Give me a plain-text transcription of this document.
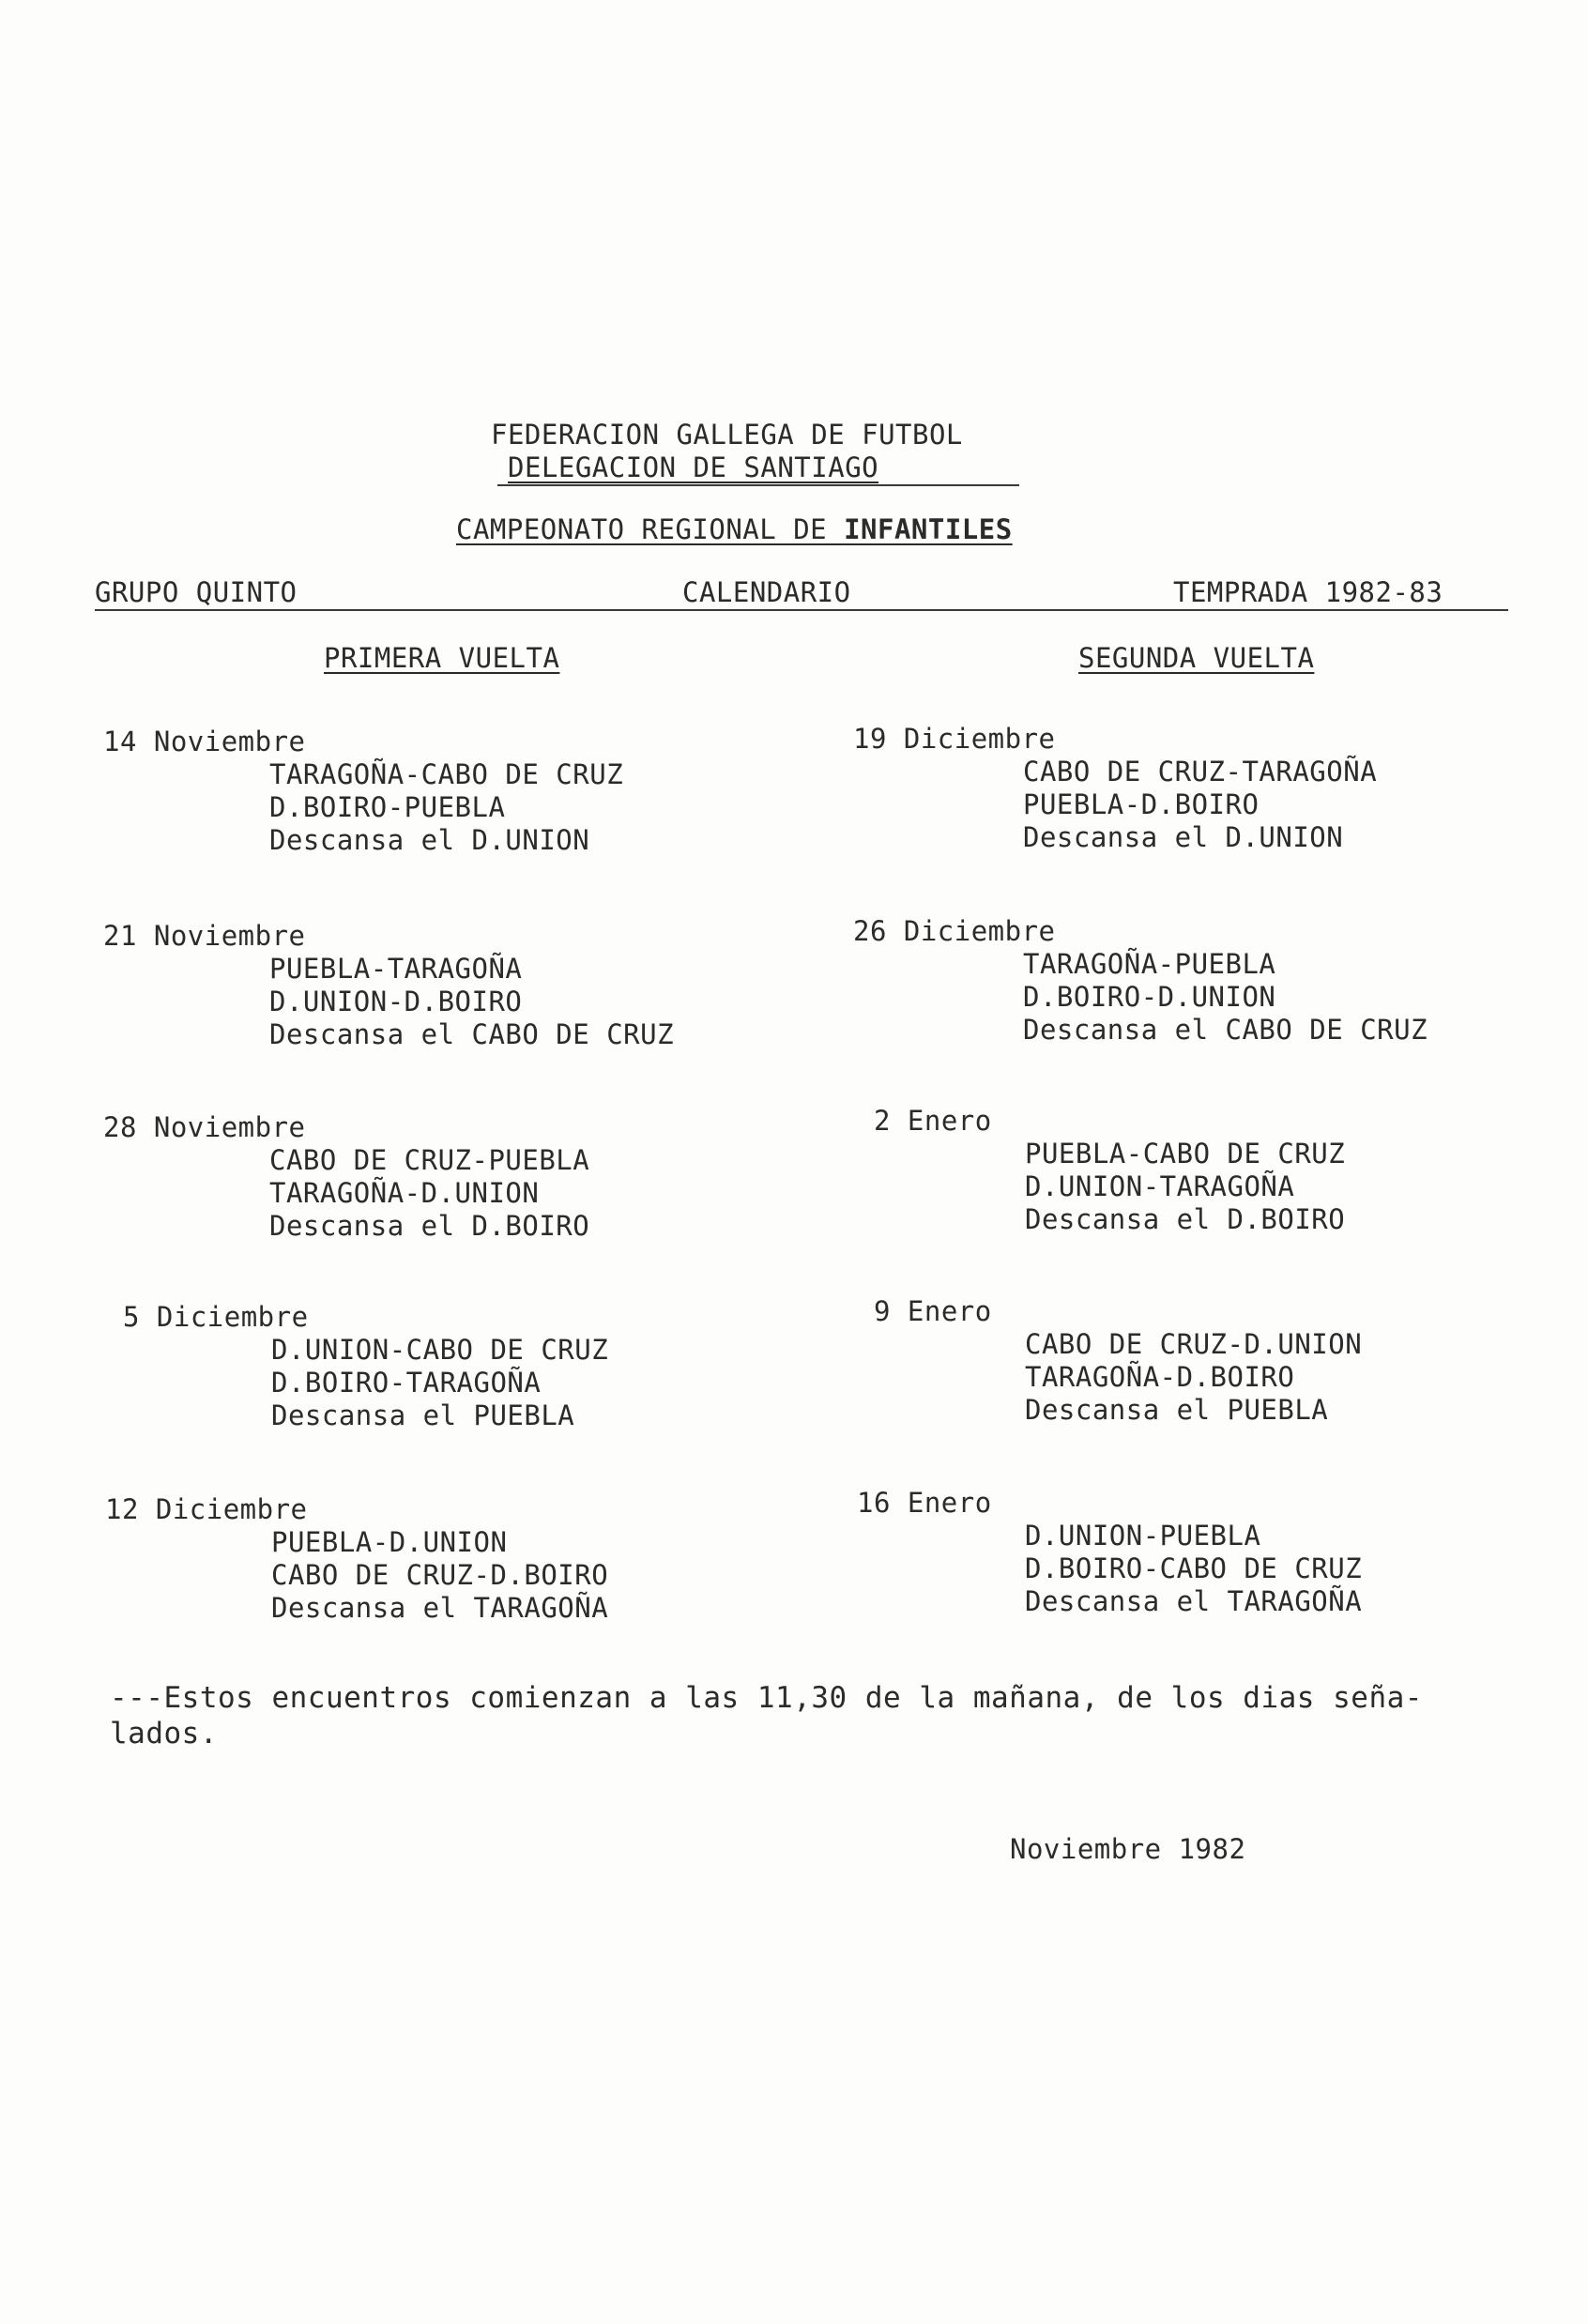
FEDERACION GALLEGA DE FUTBOL
DELEGACION DE SANTIAGO
CAMPEONATO REGIONAL DE INFANTILES
GRUPO QUINTO	CALENDARIO	TEMPRADA 1982-83
PRIMERA VUELTA	SEGUNDA VUELTA
14 Noviembre
TARAGOÑA-CABO DE CRUZ
D.BOIRO-PUEBLA
Descansa el D.UNION
21 Noviembre
PUEBLA-TARAGOÑA
D.UNION-D.BOIRO
Descansa el CABO DE CRUZ
28 Noviembre
CABO DE CRUZ-PUEBLA
TARAGOÑA-D.UNION
Descansa el D.BOIRO
5 Diciembre
D.UNION-CABO DE CRUZ
D.BOIRO-TARAGOÑA
Descansa el PUEBLA
12 Diciembre
PUEBLA-D.UNION
CABO DE CRUZ-D.BOIRO
Descansa el TARAGOÑA
19 Diciembre
CABO DE CRUZ-TARAGOÑA
PUEBLA-D.BOIRO
Descansa el D.UNION
26 Diciembre
TARAGOÑA-PUEBLA
D.BOIRO-D.UNION
Descansa el CABO DE CRUZ
2 Enero
PUEBLA-CABO DE CRUZ
D.UNION-TARAGOÑA
Descansa el D.BOIRO
9 Enero
CABO DE CRUZ-D.UNION
TARAGOÑA-D.BOIRO
Descansa el PUEBLA
16 Enero
D.UNION-PUEBLA
D.BOIRO-CABO DE CRUZ
Descansa el TARAGOÑA
---Estos encuentros comienzan a las 11,30 de la mañana, de los dias seña-
lados.
Noviembre 1982
